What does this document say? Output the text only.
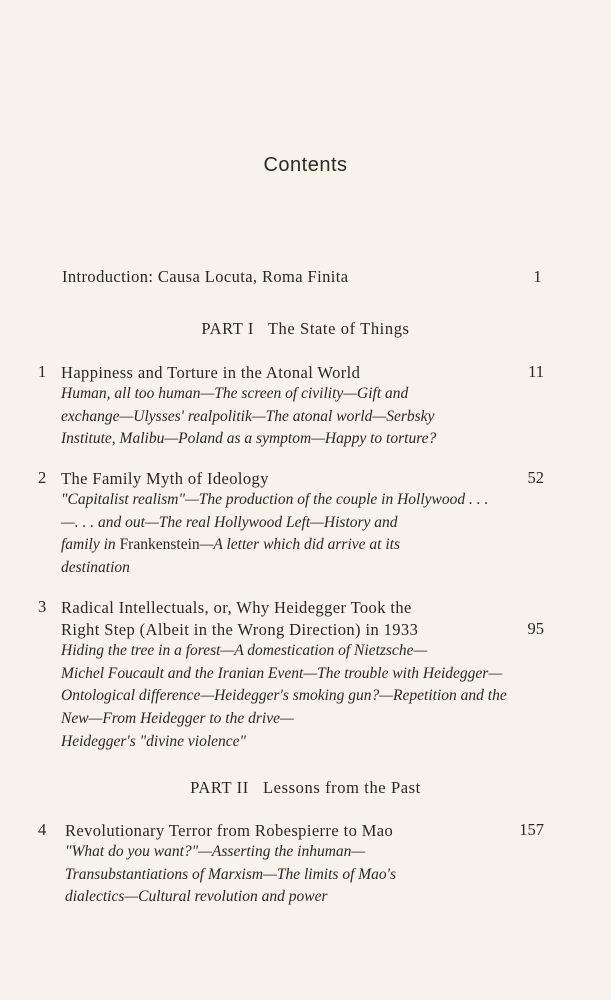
Contents
Introduction: Causa Locuta, Roma Finita	1
PART I   The State of Things
1 Happiness and Torture in the Atonal World	11
Human, all too human—The screen of civility—Gift and
exchange—Ulysses' realpolitik—The atonal world—Serbsky
Institute, Malibu—Poland as a symptom—Happy to torture?
2 The Family Myth of Ideology	52
"Capitalist realism"—The production of the couple in Hollywood . . .
—. . . and out—The real Hollywood Left—History and
family in Frankenstein—A letter which did arrive at its
destination
3 Radical Intellectuals, or, Why Heidegger Took the
Right Step (Albeit in the Wrong Direction) in 1933	95
Hiding the tree in a forest—A domestication of Nietzsche—
Michel Foucault and the Iranian Event—The trouble with Heidegger—
Ontological difference—Heidegger's smoking gun?—Repetition and the
New—From Heidegger to the drive—
Heidegger's "divine violence"
PART II   Lessons from the Past
4 Revolutionary Terror from Robespierre to Mao	157
"What do you want?"—Asserting the inhuman—
Transubstantiations of Marxism—The limits of Mao's
dialectics—Cultural revolution and power
